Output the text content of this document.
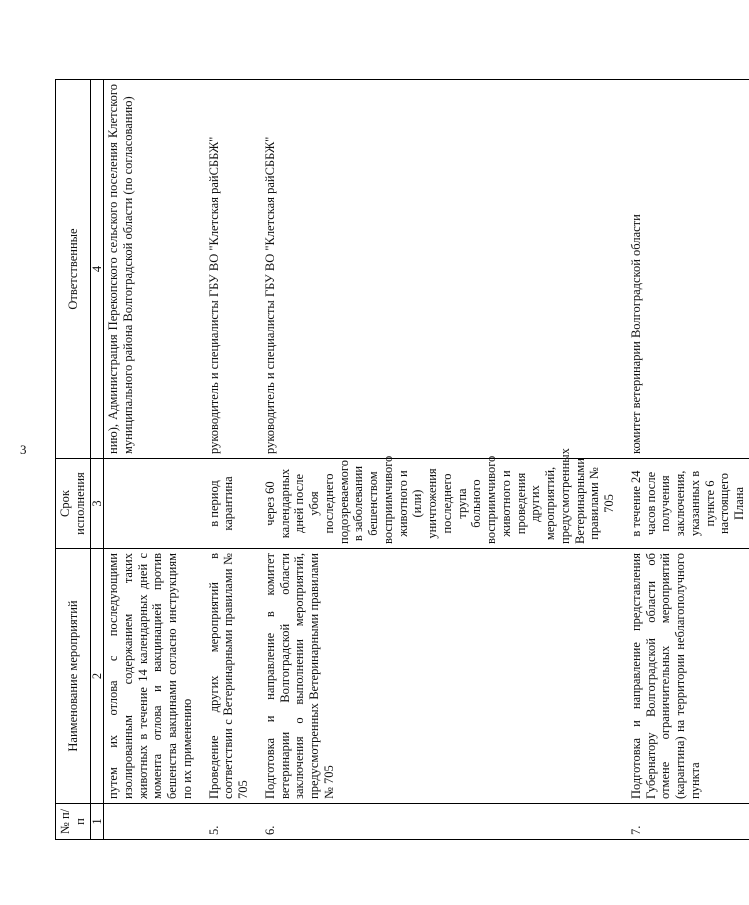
3
№ п/п	Наименование мероприятий	Срок исполнения	Ответственные
1	2	3	4
	путем их отлова с последующими изолированным содержанием таких животных в течение 14 календарных дней с момента отлова и вакцинацией против бешенства вакцинами согласно инструкциям по их применению		нию), Администрация Перекопского сельского поселения Клетского муниципального района Волгоградской области (по согласованию)
5.	Проведение других мероприятий в соответствии с Ветеринарными правилами № 705	в период карантина	руководитель и специалисты ГБУ ВО "Клетская райСББЖ"
6.	Подготовка и направление в комитет ветеринарии Волгоградской области заключения о выполнении мероприятий, предусмотренных Ветеринарными правилами № 705	через 60 календарных дней после убоя последнего подозреваемого в заболевании бешенством восприимчивого животного и (или) уничтожения последнего трупа больного восприимчивого животного и проведения других мероприятий, предусмотренных Ветеринарными правилами № 705	руководитель и специалисты ГБУ ВО "Клетская райСББЖ"
7.	Подготовка и направление представления Губернатору Волгоградской области об отмене ограничительных мероприятий (карантина) на территории неблагополучного пункта	в течение 24 часов после получения заключения, указанных в пункте 6 настоящего Плана	комитет ветеринарии Волгоградской области
